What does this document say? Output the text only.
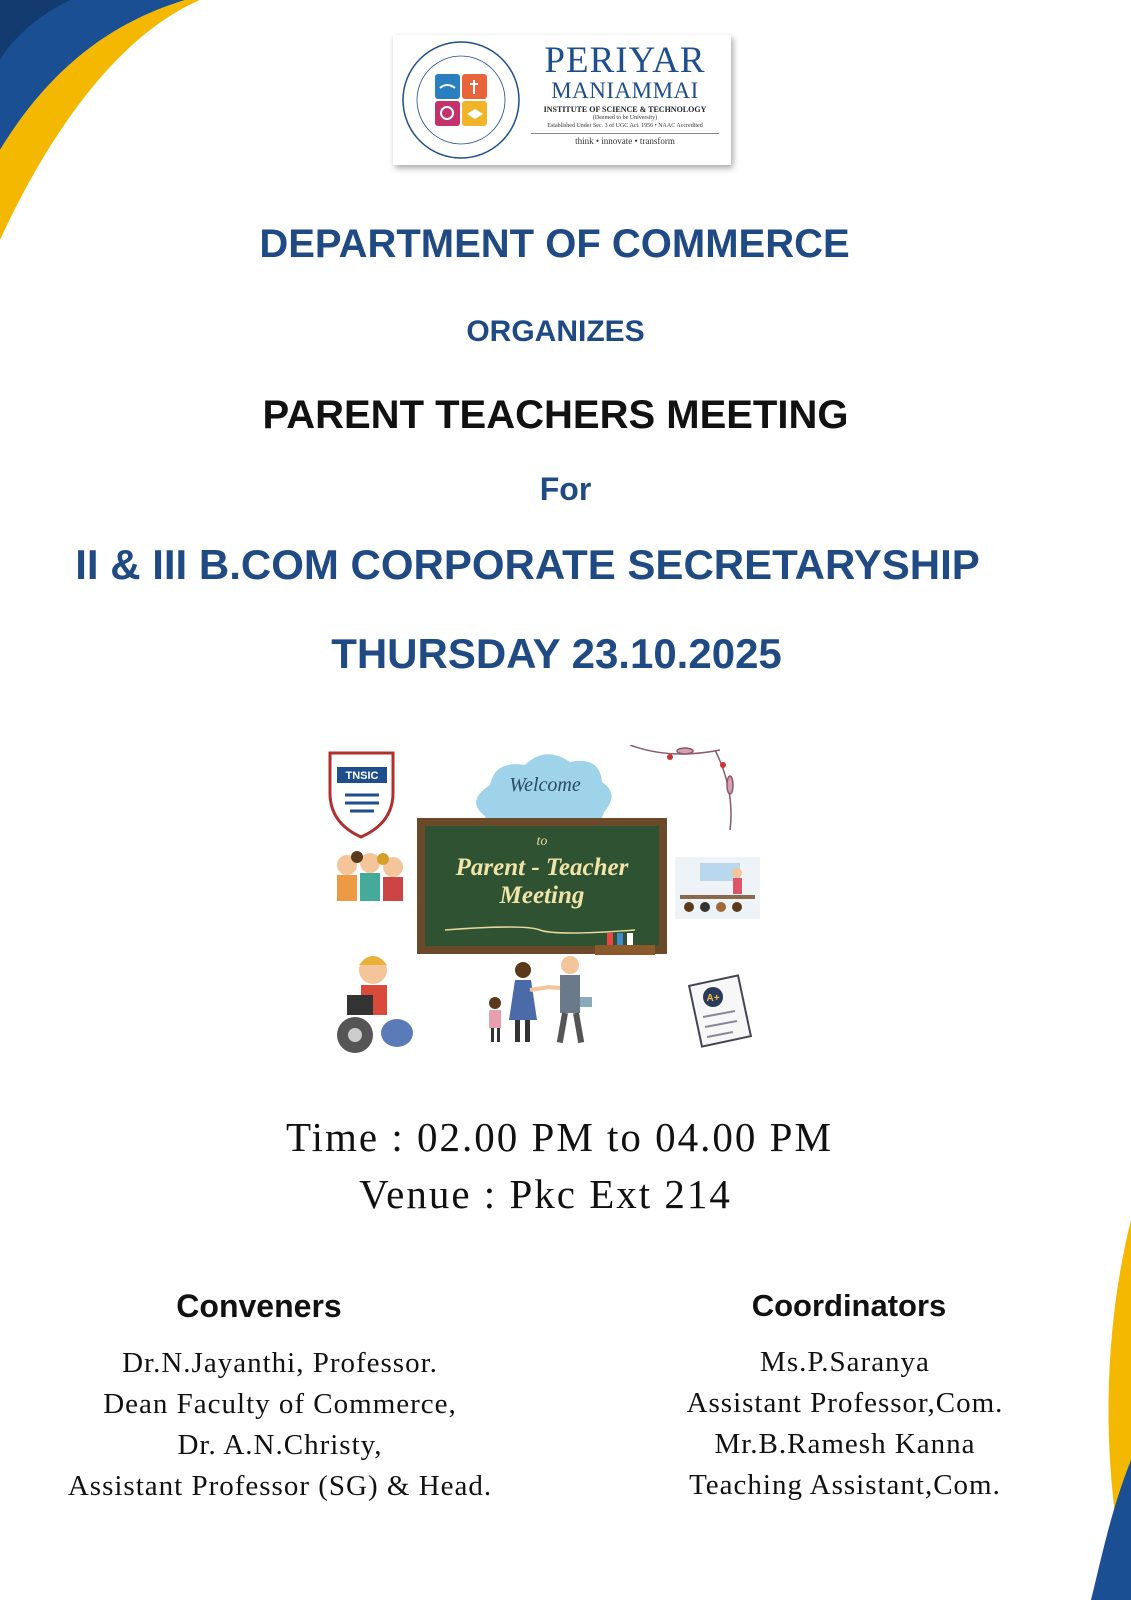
PERIYAR
MANIAMMAI
INSTITUTE OF SCIENCE & TECHNOLOGY
(Deemed to be University)
Established Under Sec. 3 of UGC Act. 1956 • NAAC Accredited
think • innovate • transform
DEPARTMENT OF COMMERCE
ORGANIZES
PARENT TEACHERS MEETING
For
II & III B.COM CORPORATE SECRETARYSHIP
THURSDAY 23.10.2025
TNSIC	Welcome
to
Parent - Teacher
Meeting
A+
Time : 02.00 PM to 04.00 PM
Venue : Pkc Ext 214
Conveners
Dr.N.Jayanthi, Professor.
Dean Faculty of Commerce,
Dr. A.N.Christy,
Assistant Professor (SG) & Head.
Coordinators
Ms.P.Saranya
Assistant Professor,Com.
Mr.B.Ramesh Kanna
Teaching Assistant,Com.
